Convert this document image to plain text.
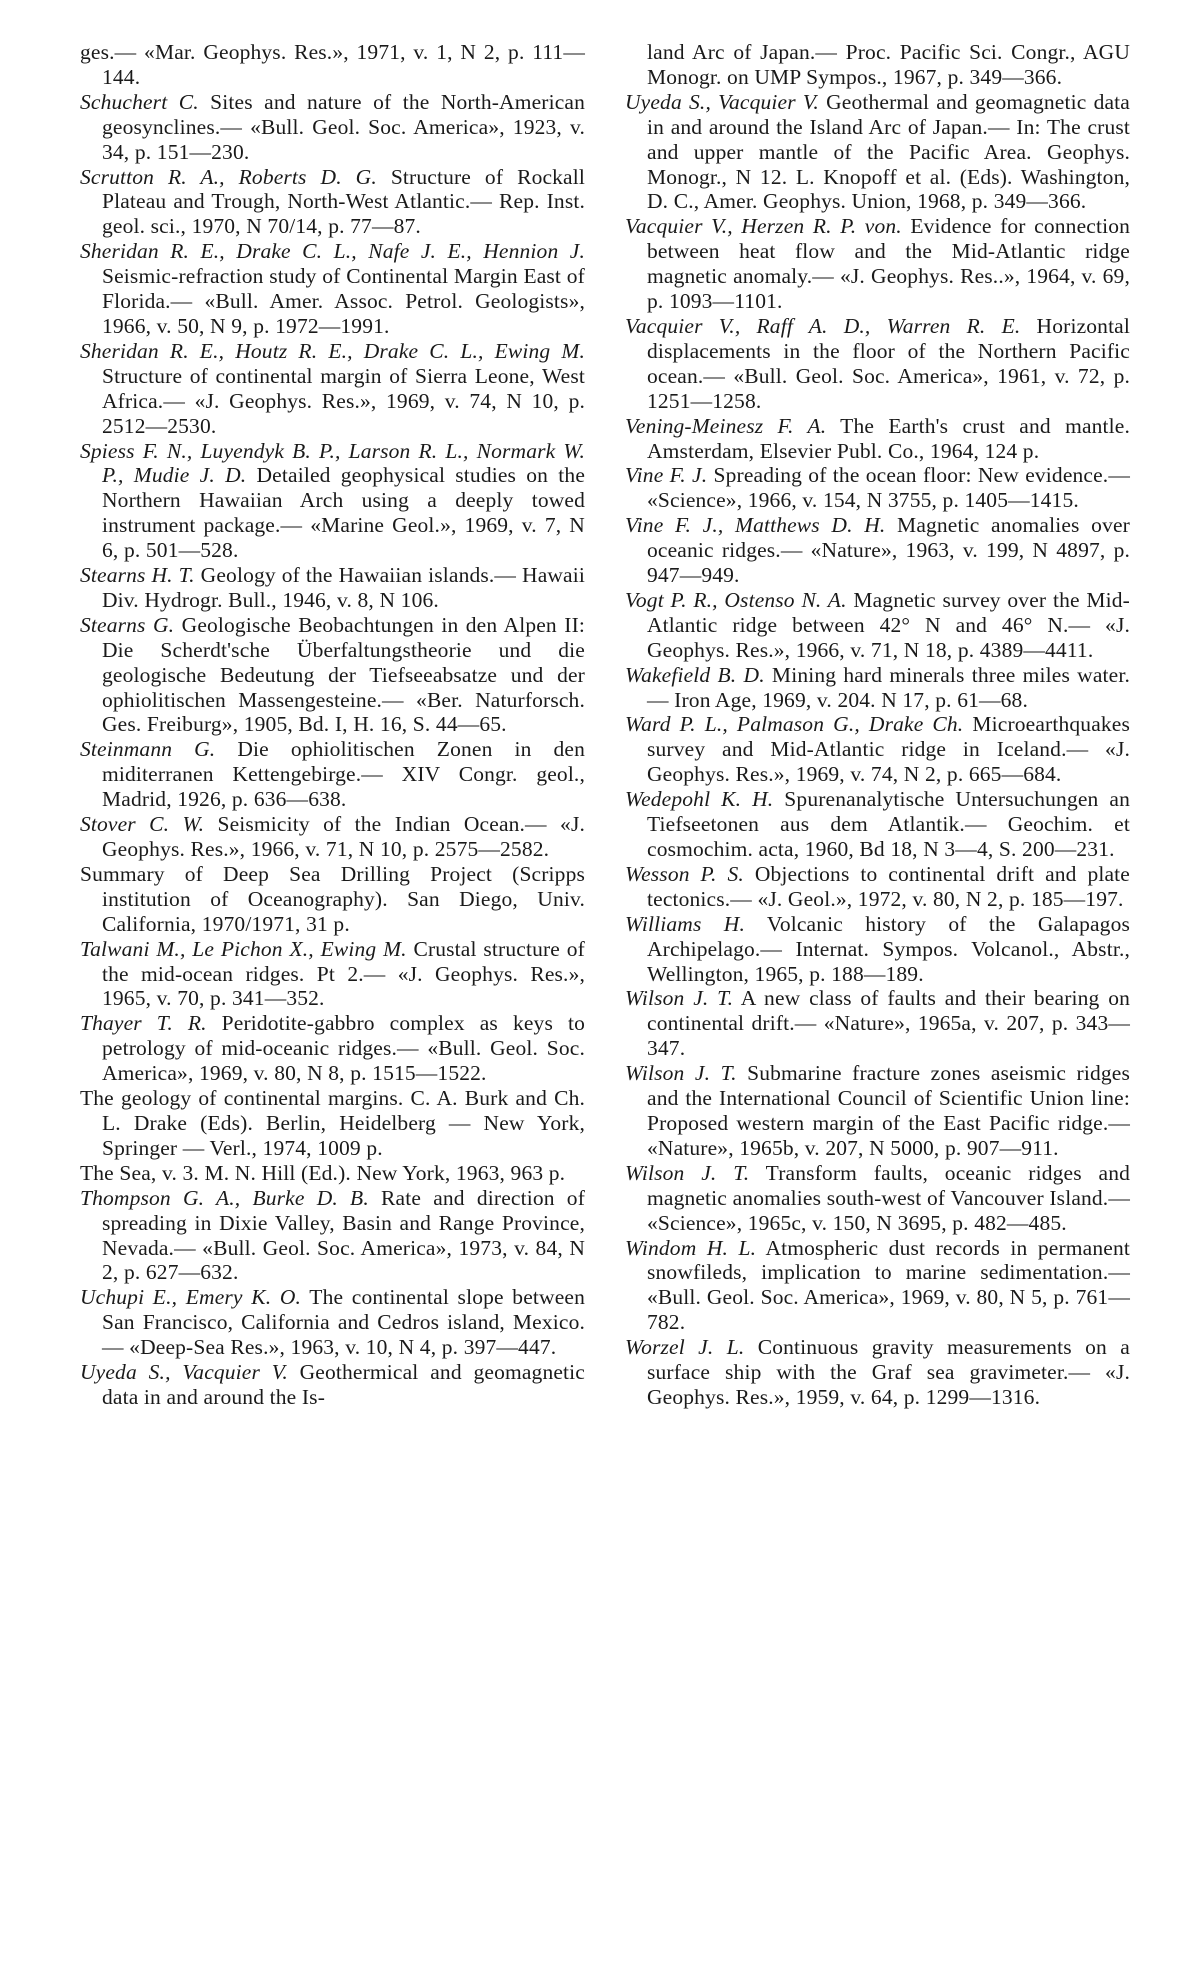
ges.— «Mar. Geophys. Res.», 1971, v. 1, N 2, p. 111—144.

Schuchert C. Sites and nature of the North-American geosynclines.— «Bull. Geol. Soc. America», 1923, v. 34, p. 151—230.

Scrutton R. A., Roberts D. G. Structure of Rockall Plateau and Trough, North-West Atlantic.— Rep. Inst. geol. sci., 1970, N 70/14, p. 77—87.

Sheridan R. E., Drake C. L., Nafe J. E., Hennion J. Seismic-refraction study of Continental Margin East of Florida.— «Bull. Amer. Assoc. Petrol. Geologists», 1966, v. 50, N 9, p. 1972—1991.

Sheridan R. E., Houtz R. E., Drake C. L., Ewing M. Structure of continental margin of Sierra Leone, West Africa.— «J. Geophys. Res.», 1969, v. 74, N 10, p. 2512—2530.

Spiess F. N., Luyendyk B. P., Larson R. L., Normark W. P., Mudie J. D. Detailed geophysical studies on the Northern Hawaiian Arch using a deeply towed instrument package.— «Marine Geol.», 1969, v. 7, N 6, p. 501—528.

Stearns H. T. Geology of the Hawaiian islands.— Hawaii Div. Hydrogr. Bull., 1946, v. 8, N 106.

Stearns G. Geologische Beobachtungen in den Alpen II: Die Scherdt'sche Überfaltungstheorie und die geologische Bedeutung der Tiefseeabsatze und der ophiolitischen Massengesteine.— «Ber. Naturforsch. Ges. Freiburg», 1905, Bd. I, H. 16, S. 44—65.

Steinmann G. Die ophiolitischen Zonen in den miditerranen Kettengebirge.— XIV Congr. geol., Madrid, 1926, p. 636—638.

Stover C. W. Seismicity of the Indian Ocean.— «J. Geophys. Res.», 1966, v. 71, N 10, p. 2575—2582.

Summary of Deep Sea Drilling Project (Scripps institution of Oceanography). San Diego, Univ. California, 1970/1971, 31 p.

Talwani M., Le Pichon X., Ewing M. Crustal structure of the mid-ocean ridges. Pt 2.— «J. Geophys. Res.», 1965, v. 70, p. 341—352.

Thayer T. R. Peridotite-gabbro complex as keys to petrology of mid-oceanic ridges.— «Bull. Geol. Soc. America», 1969, v. 80, N 8, p. 1515—1522.

The geology of continental margins. C. A. Burk and Ch. L. Drake (Eds). Berlin, Heidelberg — New York, Springer — Verl., 1974, 1009 p.

The Sea, v. 3. M. N. Hill (Ed.). New York, 1963, 963 p.

Thompson G. A., Burke D. B. Rate and direction of spreading in Dixie Valley, Basin and Range Province, Nevada.— «Bull. Geol. Soc. America», 1973, v. 84, N 2, p. 627—632.

Uchupi E., Emery K. O. The continental slope between San Francisco, California and Cedros island, Mexico.— «Deep-Sea Res.», 1963, v. 10, N 4, p. 397—447.

Uyeda S., Vacquier V. Geothermical and geomagnetic data in and around the Is-

land Arc of Japan.— Proc. Pacific Sci. Congr., AGU Monogr. on UMP Sympos., 1967, p. 349—366.

Uyeda S., Vacquier V. Geothermal and geomagnetic data in and around the Island Arc of Japan.— In: The crust and upper mantle of the Pacific Area. Geophys. Monogr., N 12. L. Knopoff et al. (Eds). Washington, D. C., Amer. Geophys. Union, 1968, p. 349—366.

Vacquier V., Herzen R. P. von. Evidence for connection between heat flow and the Mid-Atlantic ridge magnetic anomaly.— «J. Geophys. Res..», 1964, v. 69, p. 1093—1101.

Vacquier V., Raff A. D., Warren R. E. Horizontal displacements in the floor of the Northern Pacific ocean.— «Bull. Geol. Soc. America», 1961, v. 72, p. 1251—1258.

Vening-Meinesz F. A. The Earth's crust and mantle. Amsterdam, Elsevier Publ. Co., 1964, 124 p.

Vine F. J. Spreading of the ocean floor: New evidence.— «Science», 1966, v. 154, N 3755, p. 1405—1415.

Vine F. J., Matthews D. H. Magnetic anomalies over oceanic ridges.— «Nature», 1963, v. 199, N 4897, p. 947—949.

Vogt P. R., Ostenso N. A. Magnetic survey over the Mid-Atlantic ridge between 42° N and 46° N.— «J. Geophys. Res.», 1966, v. 71, N 18, p. 4389—4411.

Wakefield B. D. Mining hard minerals three miles water. — Iron Age, 1969, v. 204. N 17, p. 61—68.

Ward P. L., Palmason G., Drake Ch. Microearthquakes survey and Mid-Atlantic ridge in Iceland.— «J. Geophys. Res.», 1969, v. 74, N 2, p. 665—684.

Wedepohl K. H. Spurenanalytische Untersuchungen an Tiefseetonen aus dem Atlantik.— Geochim. et cosmochim. acta, 1960, Bd 18, N 3—4, S. 200—231.

Wesson P. S. Objections to continental drift and plate tectonics.— «J. Geol.», 1972, v. 80, N 2, p. 185—197.

Williams H. Volcanic history of the Galapagos Archipelago.— Internat. Sympos. Volcanol., Abstr., Wellington, 1965, p. 188—189.

Wilson J. T. A new class of faults and their bearing on continental drift.— «Nature», 1965a, v. 207, p. 343—347.

Wilson J. T. Submarine fracture zones aseismic ridges and the International Council of Scientific Union line: Proposed western margin of the East Pacific ridge.— «Nature», 1965b, v. 207, N 5000, p. 907—911.

Wilson J. T. Transform faults, oceanic ridges and magnetic anomalies south-west of Vancouver Island.— «Science», 1965c, v. 150, N 3695, p. 482—485.

Windom H. L. Atmospheric dust records in permanent snowfileds, implication to marine sedimentation.— «Bull. Geol. Soc. America», 1969, v. 80, N 5, p. 761—782.

Worzel J. L. Continuous gravity measurements on a surface ship with the Graf sea gravimeter.— «J. Geophys. Res.», 1959, v. 64, p. 1299—1316.
